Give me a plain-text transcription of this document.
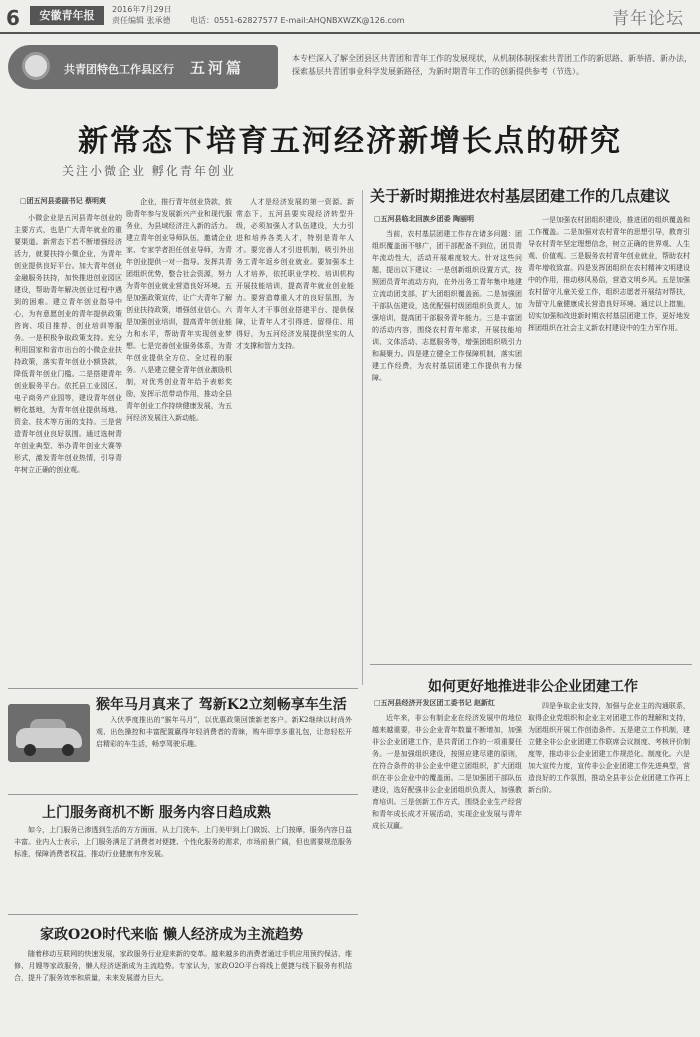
6	安徽青年报	2016年7月29日
责任编辑 张承德 电话：0551-62827577 E-mail:AHQNBXWZK@126.com	青年论坛
共青团特色工作县区行 五河篇
本专栏深入了解全团县区共青团和青年工作的发展现状，从机制体制探索共青团工作的新思路、新举措、新办法，探索基层共青团事业科学发展新路径，为新时期青年工作的创新提供参考（节选）。
新常态下培育五河经济新增长点的研究
关注小微企业 孵化青年创业
□团五河县委副书记 蔡明爽

小微企业是五河县青年创业的主要方式，也是广大青年就业的重要渠道。新常态下若不断增强经济活力，就要扶持小微企业，为青年创业提供良好平台。加大青年创业金融服务扶持，加快推进创业园区建设，帮助青年解决创业过程中遇到的困难。建立青年创业指导中心，为有意愿创业的青年提供政策咨询、项目推荐、创业培训等服务。一是积极争取政策支持。充分利用国家和省市出台的小微企业扶持政策，落实青年创业小额贷款，降低青年创业门槛。二是搭建青年创业服务平台。依托县工业园区、电子商务产业园等，建设青年创业孵化基地，为青年创业提供场地、资金、技术等方面的支持。三是营造青年创业良好氛围。通过选树青年创业典型、举办青年创业大赛等形式，激发青年创业热情，引导青年树立正确的创业观。

企业，推行青年创业贷款，鼓励青年参与发展新兴产业和现代服务业，为县域经济注入新的活力。建立青年创业导师队伍，邀请企业家、专家学者担任创业导师，为青年创业提供一对一指导。发挥共青团组织优势，整合社会资源，努力为青年创业就业营造良好环境。五是加强政策宣传，让广大青年了解创业扶持政策，增强创业信心。六是加强创业培训，提高青年创业能力和水平，帮助青年实现创业梦想。七是完善创业服务体系，为青年创业提供全方位、全过程的服务。八是建立健全青年创业激励机制，对优秀创业青年给予表彰奖励，发挥示范带动作用，推动全县青年创业工作持续健康发展，为五河经济发展注入新动能。

人才是经济发展的第一资源。新常态下，五河县要实现经济转型升级，必须加强人才队伍建设，大力引进和培养各类人才，特别是青年人才。要完善人才引进机制，吸引外出务工青年返乡创业就业。要加强本土人才培养，依托职业学校、培训机构开展技能培训，提高青年就业创业能力。要营造尊重人才的良好氛围，为青年人才干事创业搭建平台、提供保障，让青年人才引得进、留得住、用得好，为五河经济发展提供坚实的人才支撑和智力支持。

关于新时期推进农村基层团建工作的几点建议
□五河县临北回族乡团委 陶丽明

当前，农村基层团建工作存在诸多问题：团组织覆盖面不够广，团干部配备不到位，团员青年流动性大，活动开展难度较大。针对这些问题，提出以下建议：一是创新组织设置方式，按照团员青年流动方向，在外出务工青年集中地建立流动团支部，扩大团组织覆盖面。二是加强团干部队伍建设，选优配强村级团组织负责人，加强培训，提高团干部服务青年能力。三是丰富团的活动内容，围绕农村青年需求，开展技能培训、文体活动、志愿服务等，增强团组织吸引力和凝聚力。四是建立健全工作保障机制，落实团建工作经费，为农村基层团建工作提供有力保障。

一是加强农村团组织建设，推进团的组织覆盖和工作覆盖。二是加强对农村青年的思想引导，教育引导农村青年坚定理想信念，树立正确的世界观、人生观、价值观。三是服务农村青年创业就业，帮助农村青年增收致富。四是发挥团组织在农村精神文明建设中的作用，推动移风易俗，营造文明乡风。五是加强农村留守儿童关爱工作，组织志愿者开展结对帮扶，为留守儿童健康成长营造良好环境。通过以上措施，切实加强和改进新时期农村基层团建工作，更好地发挥团组织在社会主义新农村建设中的生力军作用。

如何更好地推进非公企业团建工作
□五河县经济开发区团工委书记 赵新红

近年来，非公有制企业在经济发展中的地位越来越重要，非公企业青年数量不断增加，加强非公企业团建工作，是共青团工作的一项重要任务。一是加强组织建设，按照应建尽建的原则，在符合条件的非公企业中建立团组织，扩大团组织在非公企业中的覆盖面。二是加强团干部队伍建设，选好配强非公企业团组织负责人，加强教育培训。三是创新工作方式，围绕企业生产经营和青年成长成才开展活动，实现企业发展与青年成长双赢。

四是争取企业支持，加强与企业主的沟通联系，取得企业党组织和企业主对团建工作的理解和支持，为团组织开展工作创造条件。五是建立工作机制，建立健全非公企业团建工作联席会议制度、考核评价制度等，推动非公企业团建工作规范化、制度化。六是加大宣传力度，宣传非公企业团建工作先进典型，营造良好的工作氛围，推动全县非公企业团建工作再上新台阶。

猴年马月真来了 驾新K2立刻畅享车生活

入伏季度推出的“猴年马月”，以优惠政策回馈新老客户。新K2继续以时尚外观、出色操控和丰富配置赢得年轻消费者的青睐，购车即享多重礼包，让您轻松开启精彩的车生活，畅享驾驶乐趣。

上门服务商机不断 服务内容日趋成熟

如今，上门服务已渗透到生活的方方面面，从上门洗车、上门美甲到上门做饭、上门按摩，服务内容日益丰富。业内人士表示，上门服务满足了消费者对便捷、个性化服务的需求，市场前景广阔，但也需要规范服务标准，保障消费者权益，推动行业健康有序发展。

家政O2O时代来临 懒人经济成为主流趋势

随着移动互联网的快速发展，家政服务行业迎来新的变革。越来越多的消费者通过手机应用预约保洁、维修、月嫂等家政服务，懒人经济逐渐成为主流趋势。专家认为，家政O2O平台将线上便捷与线下服务有机结合，提升了服务效率和质量，未来发展潜力巨大。
